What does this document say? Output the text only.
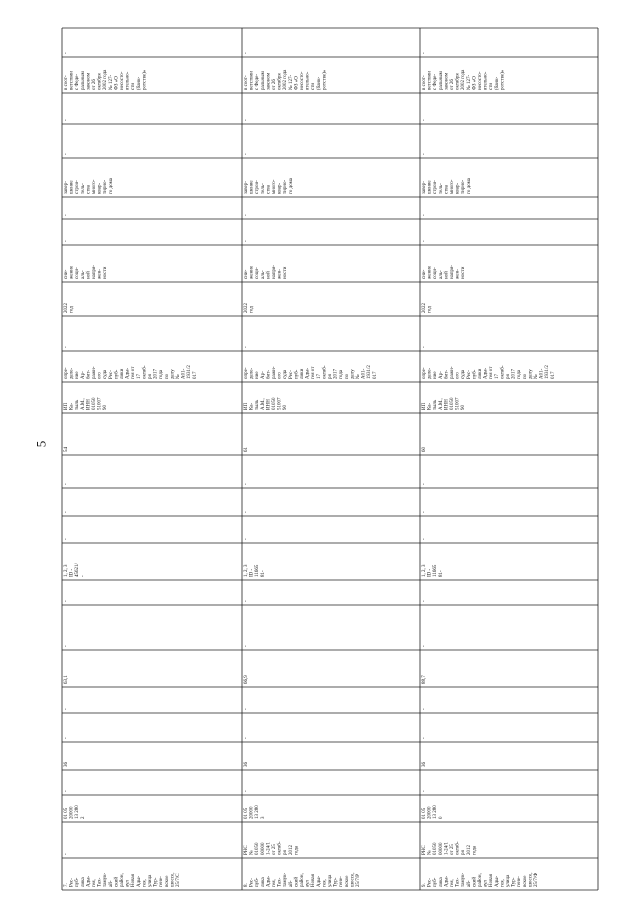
5
-
в соот- ветствии с Феде- ральным законом от 26 октября 2002 года № 127- ФЗ «О несосто- ятельно- сти (банк- ротстве)»
-
-
завер- шение строи- тель- ства много- квар- тирно- го дома
-
-
сни- жение соци- аль- ной напря- жен- ности
2022 год
-
опре- деле- ние Ар- бит- ражн- ого суда Рес- пуб- лики Ады- гея от 17 октяб- ря 2017 года по делу № А01- 1931/2 017
ИП Ка- тыль А.М., ИНН 01050 51007 90
54
-
-
-
1, 2, 3 ID - 45621/ -
-
-
63,1
-
-
36
-
01 05 20000 13 280 2
-
7. Рес- пуб- лика Ады- гея, Тах- тамук- ай- ский район, аул Новая Ады- гея, улица Тур- гене- вское шоссе, 25/7/С
-
в соот- ветствии с Феде- ральным законом от 26 октября 2002 года № 127- ФЗ «О несосто- ятельно- сти (банк- ротстве)»
-
-
завер- шение строи- тель- ства много- квар- тирно- го дома
-
-
сни- жение соци- аль- ной напря- жен- ности
2022 год
-
опре- деле- ние Ар- бит- ражн- ого суда Рес- пуб- лики Ады- гея от 17 октяб- ря 2017 года по делу № А01- 1931/2 017
ИП Ка- тыль А.М., ИНН 01050 51007 90
61
-
-
-
1, 2, 3 ID - 11665 81-
-
-
66,9
-
-
36
-
01 05 20000 13 280 3
РНС № 01050 00000 1-24/1 от 25 октяб- ря 2012 года
8. Рес- пуб- лика Ады- гея, Тах- тамук- ай- ский район, аул Новая Ады- гея, улица Тур- гене- вское шоссе, 25/7/Р
-
в соот- ветствии с Феде- ральным законом от 26 октября 2002 года № 127- ФЗ «О несосто- ятельно- сти (банк- ротстве)»
-
-
завер- шение строи- тель- ства много- квар- тирно- го дома
-
-
сни- жение соци- аль- ной напря- жен- ности
2022 год
-
опре- деле- ние Ар- бит- ражн- ого суда Рес- пуб- лики Ады- гея от 17 октяб- ря 2017 года по делу № А01- 1931/2 017
ИП Ка- тыль А.М., ИНН 01050 51007 90
60
-
-
-
1, 2, 3 ID - 11665 81-
-
-
88,7
-
-
36
-
01 05 20000 13 280 0
РНС № 01050 00000 1-24/1 от 25 октяб- ря 2012 года
9. Рес- пуб- лика Ады- гея, Тах- тамук- ай- ский район, аул Новая Ады- гея, улица Тур- гене- вское шоссе, 25/7/Ф
